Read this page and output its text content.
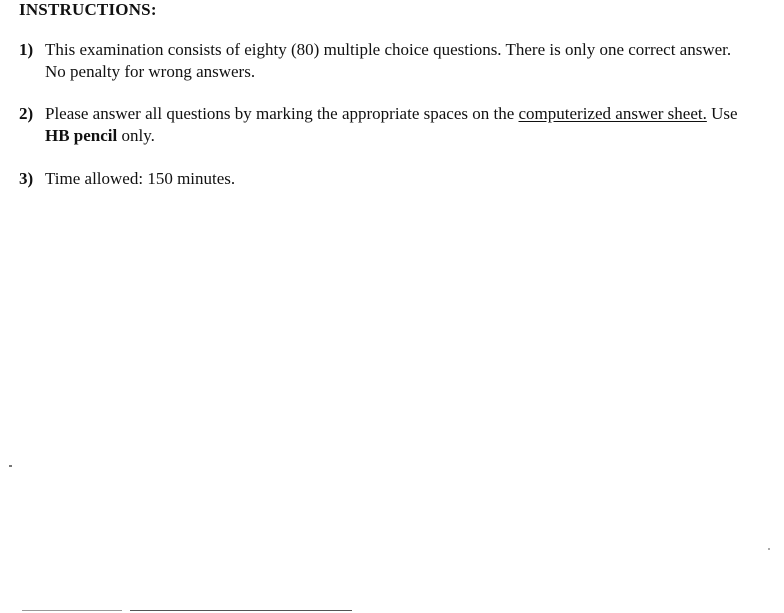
INSTRUCTIONS:
1) This examination consists of eighty (80) multiple choice questions. There is only one correct answer. No penalty for wrong answers.
2) Please answer all questions by marking the appropriate spaces on the computerized answer sheet. Use HB pencil only.
3) Time allowed: 150 minutes.
